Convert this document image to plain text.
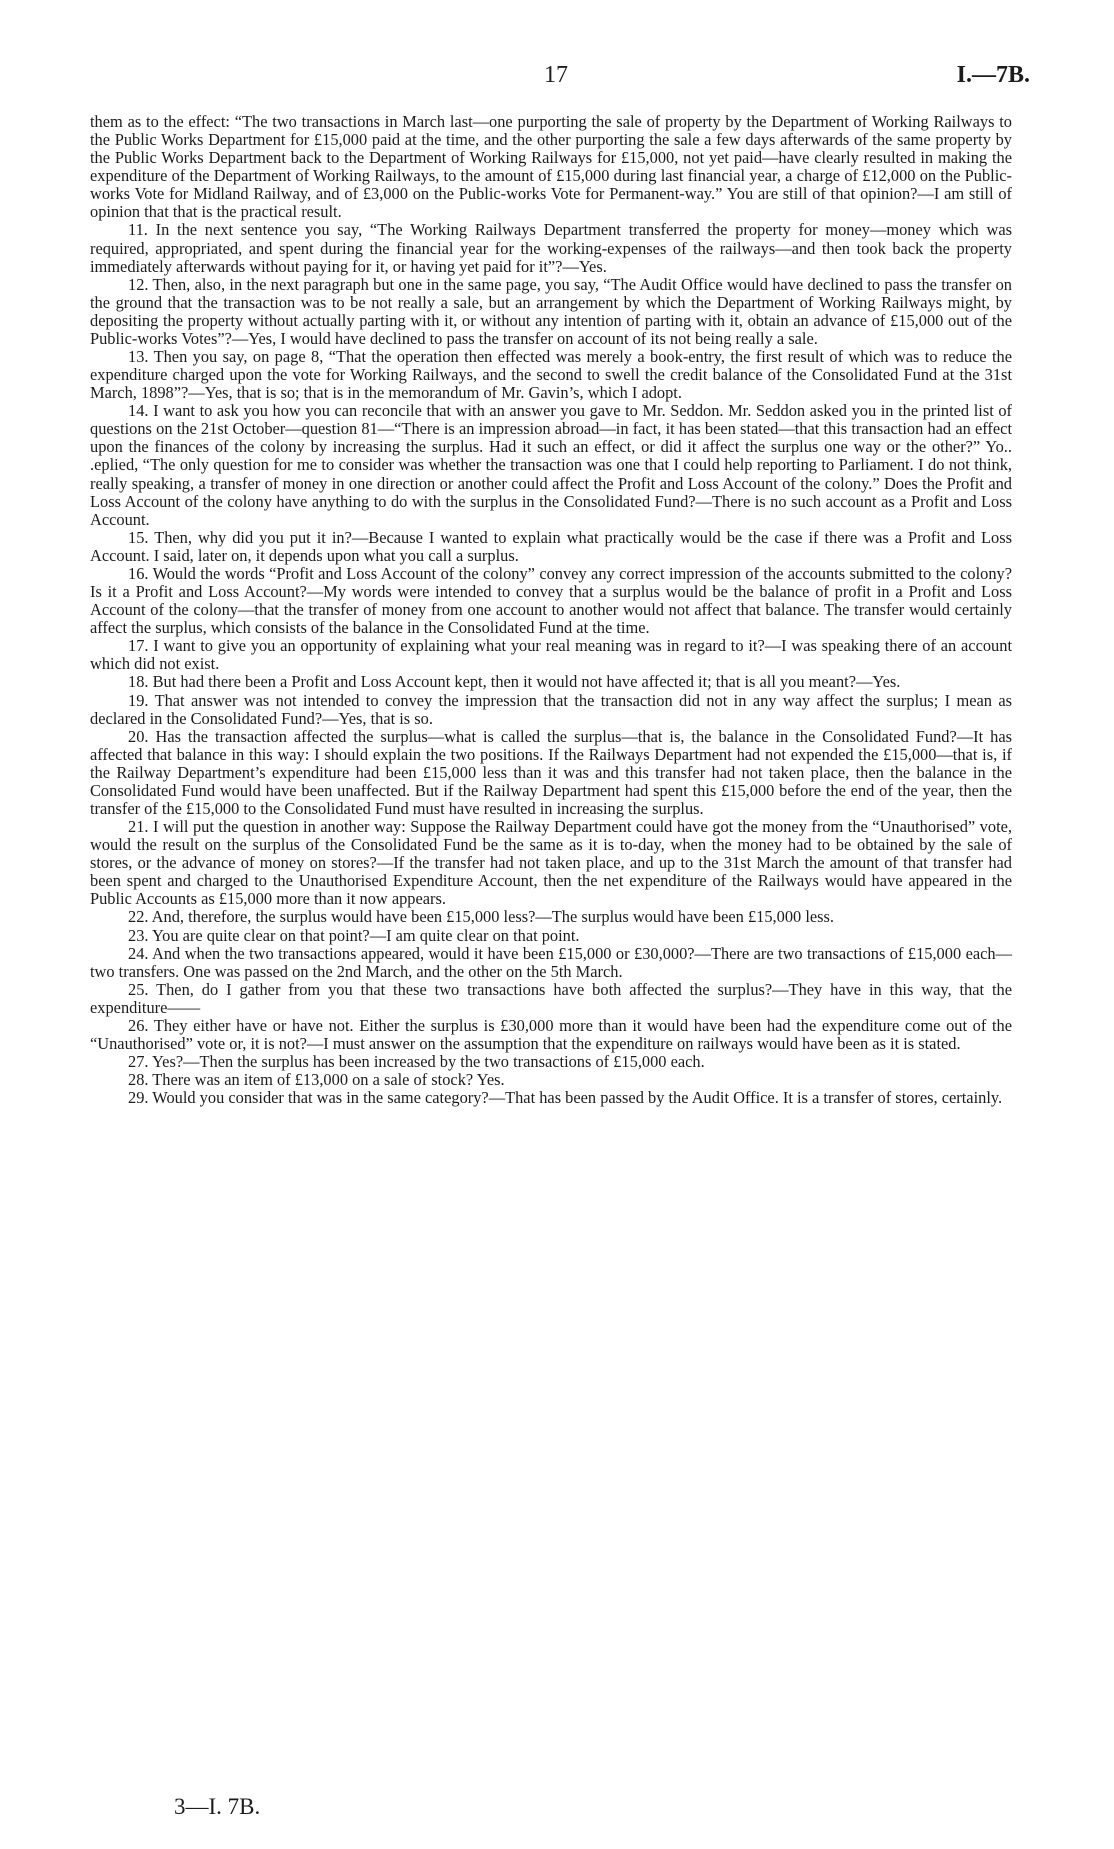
17	I.—7B.

them as to the effect: “The two transactions in March last—one purporting the sale of property by the Department of Working Railways to the Public Works Department for £15,000 paid at the time, and the other purporting the sale a few days afterwards of the same property by the Public Works Department back to the Department of Working Railways for £15,000, not yet paid—have clearly resulted in making the expenditure of the Department of Working Railways, to the amount of £15,000 during last financial year, a charge of £12,000 on the Public-works Vote for Midland Railway, and of £3,000 on the Public-works Vote for Permanent-way.” You are still of that opinion?—I am still of opinion that that is the practical result.

11. In the next sentence you say, “The Working Railways Department transferred the property for money—money which was required, appropriated, and spent during the financial year for the working-expenses of the railways—and then took back the property immediately afterwards without paying for it, or having yet paid for it”?—Yes.

12. Then, also, in the next paragraph but one in the same page, you say, “The Audit Office would have declined to pass the transfer on the ground that the transaction was to be not really a sale, but an arrangement by which the Department of Working Railways might, by depositing the property without actually parting with it, or without any intention of parting with it, obtain an advance of £15,000 out of the Public-works Votes”?—Yes, I would have declined to pass the transfer on account of its not being really a sale.

13. Then you say, on page 8, “That the operation then effected was merely a book-entry, the first result of which was to reduce the expenditure charged upon the vote for Working Railways, and the second to swell the credit balance of the Consolidated Fund at the 31st March, 1898”?—Yes, that is so; that is in the memorandum of Mr. Gavin’s, which I adopt.

14. I want to ask you how you can reconcile that with an answer you gave to Mr. Seddon. Mr. Seddon asked you in the printed list of questions on the 21st October—question 81—“There is an impression abroad—in fact, it has been stated—that this transaction had an effect upon the finances of the colony by increasing the surplus. Had it such an effect, or did it affect the surplus one way or the other?” Yo.. .eplied, “The only question for me to consider was whether the transaction was one that I could help reporting to Parliament. I do not think, really speaking, a transfer of money in one direction or another could affect the Profit and Loss Account of the colony.” Does the Profit and Loss Account of the colony have anything to do with the surplus in the Consolidated Fund?—There is no such account as a Profit and Loss Account.

15. Then, why did you put it in?—Because I wanted to explain what practically would be the case if there was a Profit and Loss Account. I said, later on, it depends upon what you call a surplus.

16. Would the words “Profit and Loss Account of the colony” convey any correct impression of the accounts submitted to the colony? Is it a Profit and Loss Account?—My words were intended to convey that a surplus would be the balance of profit in a Profit and Loss Account of the colony—that the transfer of money from one account to another would not affect that balance. The transfer would certainly affect the surplus, which consists of the balance in the Consolidated Fund at the time.

17. I want to give you an opportunity of explaining what your real meaning was in regard to it?—I was speaking there of an account which did not exist.

18. But had there been a Profit and Loss Account kept, then it would not have affected it; that is all you meant?—Yes.

19. That answer was not intended to convey the impression that the transaction did not in any way affect the surplus; I mean as declared in the Consolidated Fund?—Yes, that is so.

20. Has the transaction affected the surplus—what is called the surplus—that is, the balance in the Consolidated Fund?—It has affected that balance in this way: I should explain the two positions. If the Railways Department had not expended the £15,000—that is, if the Railway Department’s expenditure had been £15,000 less than it was and this transfer had not taken place, then the balance in the Consolidated Fund would have been unaffected. But if the Railway Department had spent this £15,000 before the end of the year, then the transfer of the £15,000 to the Consolidated Fund must have resulted in increasing the surplus.

21. I will put the question in another way: Suppose the Railway Department could have got the money from the “Unauthorised” vote, would the result on the surplus of the Consolidated Fund be the same as it is to-day, when the money had to be obtained by the sale of stores, or the advance of money on stores?—If the transfer had not taken place, and up to the 31st March the amount of that transfer had been spent and charged to the Unauthorised Expenditure Account, then the net expenditure of the Railways would have appeared in the Public Accounts as £15,000 more than it now appears.

22. And, therefore, the surplus would have been £15,000 less?—The surplus would have been £15,000 less.

23. You are quite clear on that point?—I am quite clear on that point.

24. And when the two transactions appeared, would it have been £15,000 or £30,000?—There are two transactions of £15,000 each—two transfers. One was passed on the 2nd March, and the other on the 5th March.

25. Then, do I gather from you that these two transactions have both affected the surplus?—They have in this way, that the expenditure——

26. They either have or have not. Either the surplus is £30,000 more than it would have been had the expenditure come out of the “Unauthorised” vote or, it is not?—I must answer on the assumption that the expenditure on railways would have been as it is stated.

27. Yes?—Then the surplus has been increased by the two transactions of £15,000 each.

28. There was an item of £13,000 on a sale of stock? Yes.

29. Would you consider that was in the same category?—That has been passed by the Audit Office. It is a transfer of stores, certainly.

3—I. 7B.
